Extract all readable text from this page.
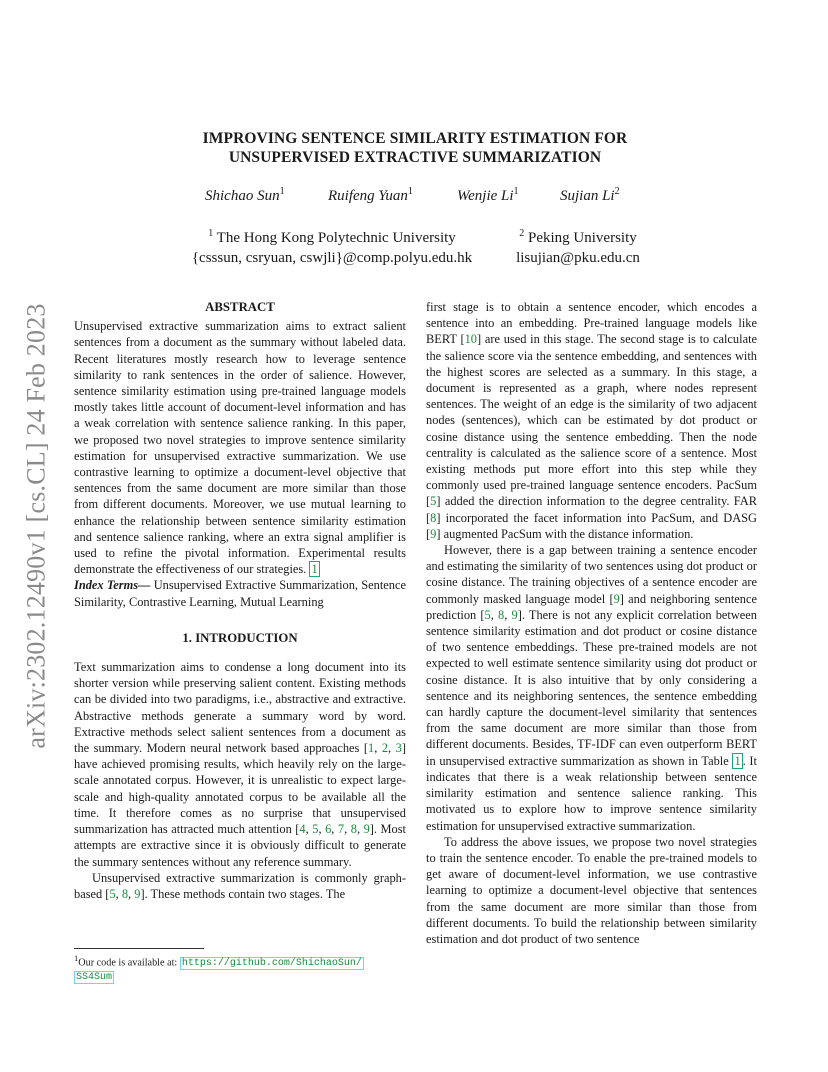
arXiv:2302.12490v1 [cs.CL] 24 Feb 2023
IMPROVING SENTENCE SIMILARITY ESTIMATION FOR
UNSUPERVISED EXTRACTIVE SUMMARIZATION
Shichao Sun$^1$	Ruifeng Yuan$^1$	Wenjie Li$^1$	Sujian Li$^2$
$^1$ The Hong Kong Polytechnic University
{csssun, csryuan, cswjli}@comp.polyu.edu.hk
$^2$ Peking University
lisujian@pku.edu.cn

ABSTRACT

Unsupervised extractive summarization aims to extract salient sentences from a document as the summary without labeled data. Recent literatures mostly research how to leverage sentence similarity to rank sentences in the order of salience. However, sentence similarity estimation using pre-trained language models mostly takes little account of document-level information and has a weak correlation with sentence salience ranking. In this paper, we proposed two novel strategies to improve sentence similarity estimation for unsupervised extractive summarization. We use contrastive learning to optimize a document-level objective that sentences from the same document are more similar than those from different documents. Moreover, we use mutual learning to enhance the relationship between sentence similarity estimation and sentence salience ranking, where an extra signal amplifier is used to refine the pivotal information. Experimental results demonstrate the effectiveness of our strategies. 1

Index Terms— Unsupervised Extractive Summarization, Sentence Similarity, Contrastive Learning, Mutual Learning

1. INTRODUCTION

Text summarization aims to condense a long document into its shorter version while preserving salient content. Existing methods can be divided into two paradigms, i.e., abstractive and extractive. Abstractive methods generate a summary word by word. Extractive methods select salient sentences from a document as the summary. Modern neural network based approaches [1, 2, 3] have achieved promising results, which heavily rely on the large-scale annotated corpus. However, it is unrealistic to expect large-scale and high-quality annotated corpus to be available all the time. It therefore comes as no surprise that unsupervised summarization has attracted much attention [4, 5, 6, 7, 8, 9]. Most attempts are extractive since it is obviously difficult to generate the summary sentences without any reference summary.

Unsupervised extractive summarization is commonly graph-based [5, 8, 9]. These methods contain two stages. The

$^1$Our code is available at: https://github.com/ShichaoSun/
SS4Sum

first stage is to obtain a sentence encoder, which encodes a sentence into an embedding. Pre-trained language models like BERT [10] are used in this stage. The second stage is to calculate the salience score via the sentence embedding, and sentences with the highest scores are selected as a summary. In this stage, a document is represented as a graph, where nodes represent sentences. The weight of an edge is the similarity of two adjacent nodes (sentences), which can be estimated by dot product or cosine distance using the sentence embedding. Then the node centrality is calculated as the salience score of a sentence. Most existing methods put more effort into this step while they commonly used pre-trained language sentence encoders. PacSum [5] added the direction information to the degree centrality. FAR [8] incorporated the facet information into PacSum, and DASG [9] augmented PacSum with the distance information.

However, there is a gap between training a sentence encoder and estimating the similarity of two sentences using dot product or cosine distance. The training objectives of a sentence encoder are commonly masked language model [9] and neighboring sentence prediction [5, 8, 9]. There is not any explicit correlation between sentence similarity estimation and dot product or cosine distance of two sentence embeddings. These pre-trained models are not expected to well estimate sentence similarity using dot product or cosine distance. It is also intuitive that by only considering a sentence and its neighboring sentences, the sentence embedding can hardly capture the document-level similarity that sentences from the same document are more similar than those from different documents. Besides, TF-IDF can even outperform BERT in unsupervised extractive summarization as shown in Table 1 . It indicates that there is a weak relationship between sentence similarity estimation and sentence salience ranking. This motivated us to explore how to improve sentence similarity estimation for unsupervised extractive summarization.

To address the above issues, we propose two novel strategies to train the sentence encoder. To enable the pre-trained models to get aware of document-level information, we use contrastive learning to optimize a document-level objective that sentences from the same document are more similar than those from different documents. To build the relationship between similarity estimation and dot product of two sentence
